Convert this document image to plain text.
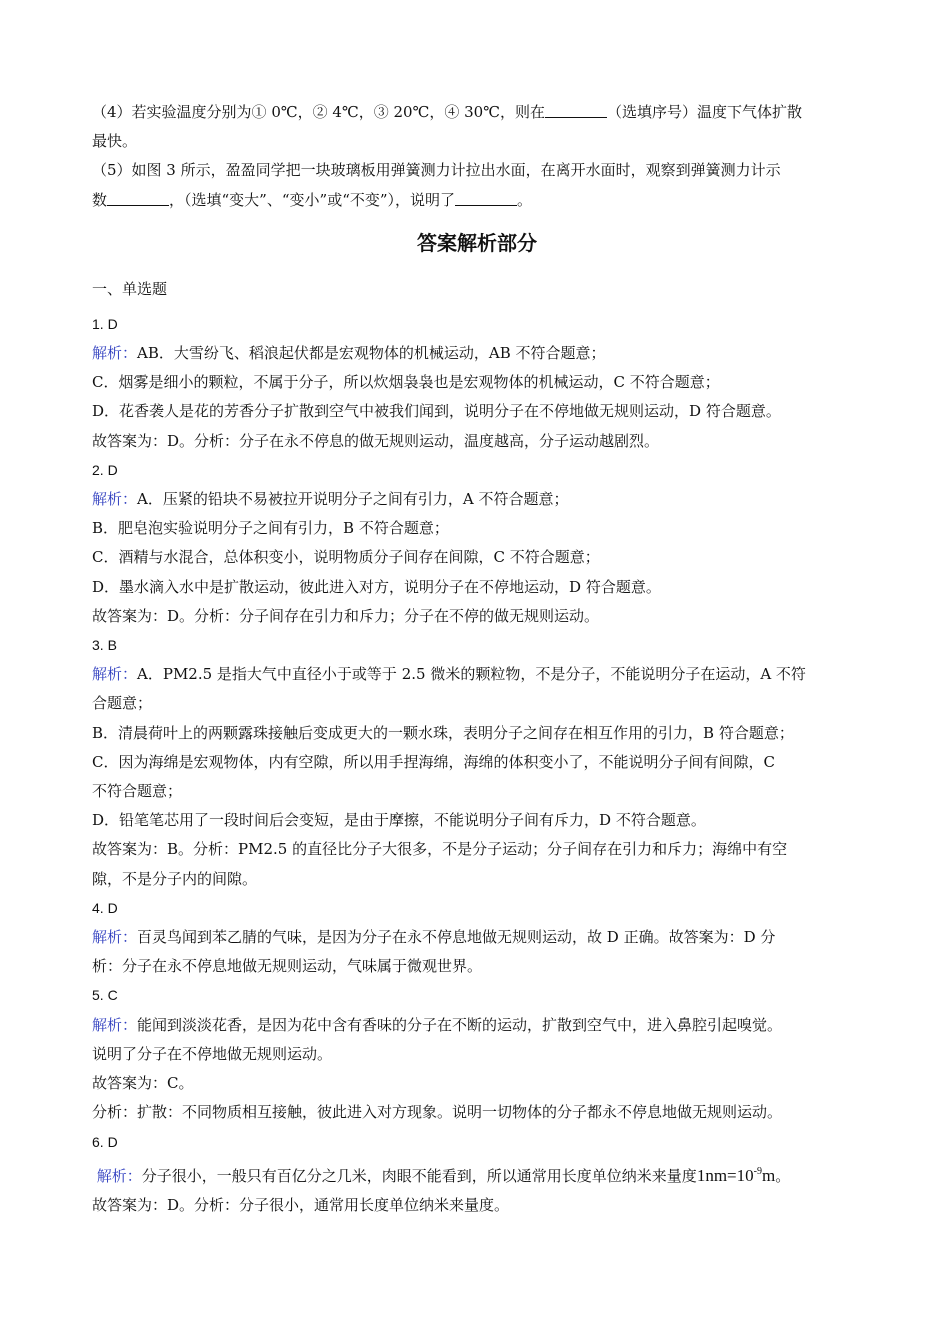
（4）若实验温度分别为① 0℃，② 4℃，③ 20℃，④ 30℃，则在	（选填序号）温度下气体扩散
最快。
（5）如图 3 所示，盈盈同学把一块玻璃板用弹簧测力计拉出水面，在离开水面时，观察到弹簧测力计示
数	，（选填“变大”、“变小”或“不变”），说明了	。
答案解析部分
一、单选题
1. D
解析：AB．大雪纷飞、稻浪起伏都是宏观物体的机械运动，AB 不符合题意；
C．烟雾是细小的颗粒，不属于分子，所以炊烟袅袅也是宏观物体的机械运动，C 不符合题意；
D．花香袭人是花的芳香分子扩散到空气中被我们闻到，说明分子在不停地做无规则运动，D 符合题意。
故答案为：D。分析：分子在永不停息的做无规则运动，温度越高，分子运动越剧烈。
2. D
解析：A．压紧的铅块不易被拉开说明分子之间有引力，A 不符合题意；
B．肥皂泡实验说明分子之间有引力，B 不符合题意；
C．酒精与水混合，总体积变小，说明物质分子间存在间隙，C 不符合题意；
D．墨水滴入水中是扩散运动，彼此进入对方，说明分子在不停地运动，D 符合题意。
故答案为：D。分析：分子间存在引力和斥力；分子在不停的做无规则运动。
3. B
解析：A．PM2.5 是指大气中直径小于或等于 2.5 微米的颗粒物，不是分子，不能说明分子在运动，A 不符
合题意；
B．清晨荷叶上的两颗露珠接触后变成更大的一颗水珠，表明分子之间存在相互作用的引力，B 符合题意；
C．因为海绵是宏观物体，内有空隙，所以用手捏海绵，海绵的体积变小了，不能说明分子间有间隙，C
不符合题意；
D．铅笔笔芯用了一段时间后会变短，是由于摩擦，不能说明分子间有斥力，D 不符合题意。
故答案为：B。分析：PM2.5 的直径比分子大很多，不是分子运动；分子间存在引力和斥力；海绵中有空
隙，不是分子内的间隙。
4. D
解析：百灵鸟闻到苯乙腈的气味，是因为分子在永不停息地做无规则运动，故 D 正确。故答案为：D 分
析：分子在永不停息地做无规则运动，气味属于微观世界。
5. C
解析：能闻到淡淡花香，是因为花中含有香味的分子在不断的运动，扩散到空气中，进入鼻腔引起嗅觉。
说明了分子在不停地做无规则运动。
故答案为：C。
分析：扩散：不同物质相互接触，彼此进入对方现象。说明一切物体的分子都永不停息地做无规则运动。
6. D
解析：分子很小，一般只有百亿分之几米，肉眼不能看到，所以通常用长度单位纳米来量度$1nm=10^{-9}m$。
故答案为：D。分析：分子很小，通常用长度单位纳米来量度。
